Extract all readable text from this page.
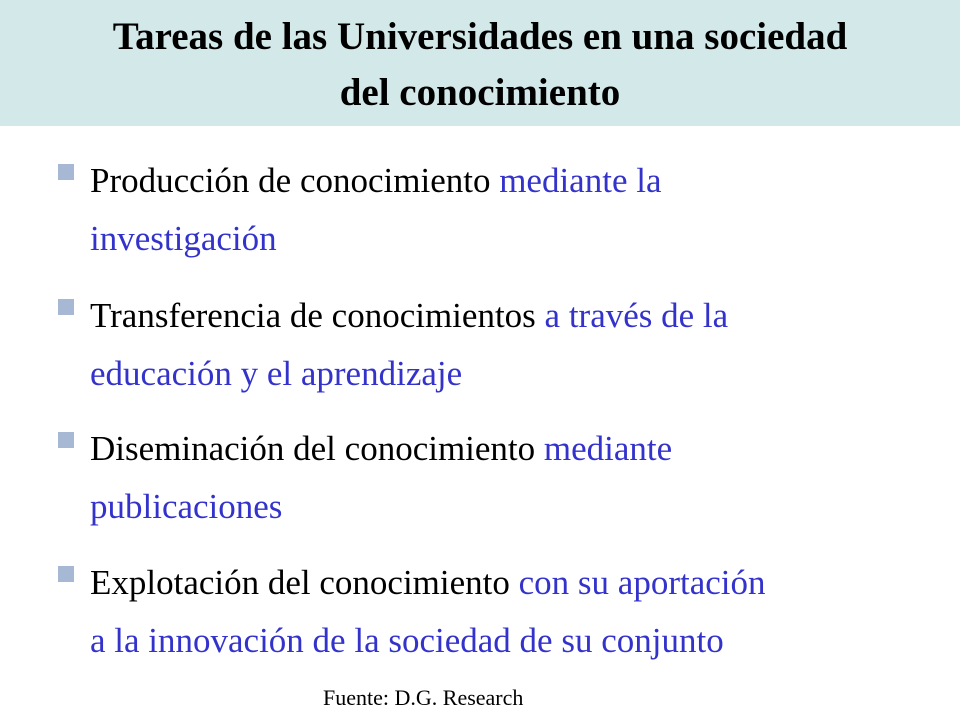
Tareas de las Universidades en una sociedad
del conocimiento
Producción de conocimiento mediante la
investigación
Transferencia de conocimientos a través de la
educación y el aprendizaje
Diseminación del conocimiento mediante
publicaciones
Explotación del conocimiento con su aportación
a la innovación de la sociedad de su conjunto

Fuente: D.G. Research
